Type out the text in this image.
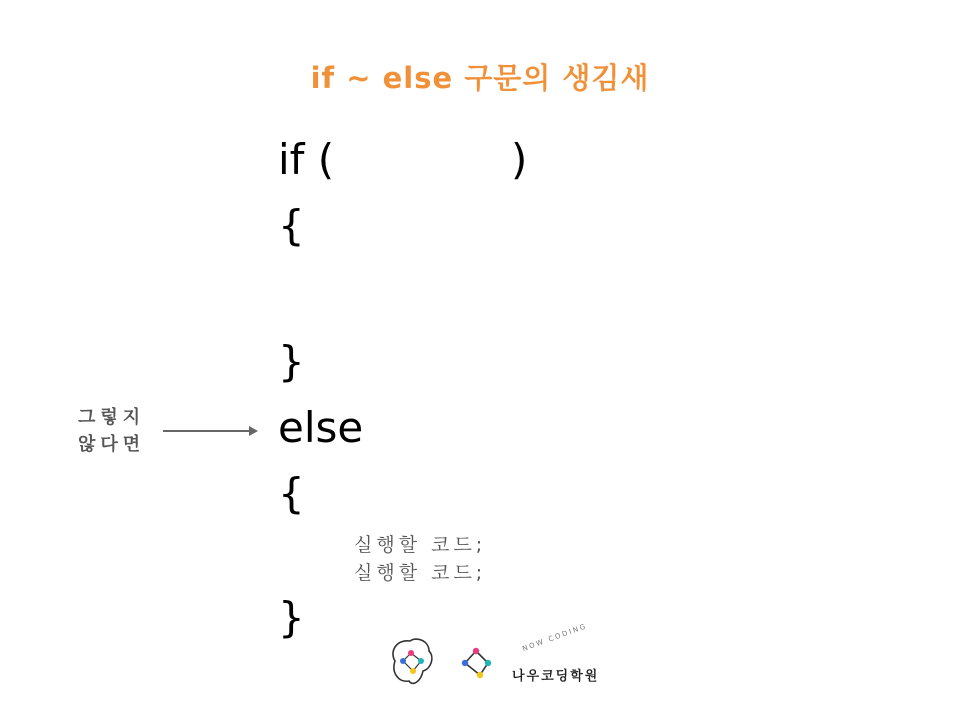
if ~ else 구문의 생김새
if (	)
{
}
else
{
실행할 코드;
실행할 코드;
}
그렇지
않다면
NOW CODING
나우코딩학원
